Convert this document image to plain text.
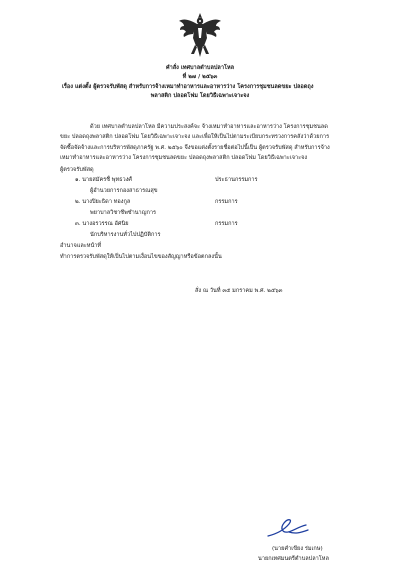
คำสั่ง เทศบาลตำบลปลาโหล
ที่ ๒๗ / ๒๕๖๓
เรื่อง แต่งตั้ง ผู้ตรวจรับพัสดุ สำหรับการจ้างเหมาทำอาหารและอาหารว่าง โครงการชุมชนลดขยะ ปลอดถุง
พลาสติก ปลอดโฟม โดยวิธีเฉพาะเจาะจง
ด้วย เทศบาลตำบลปลาโหล มีความประสงค์จะ จ้างเหมาทำอาหารและอาหารว่าง โครงการชุมชนลด
ขยะ ปลอดถุงพลาสติก ปลอดโฟม โดยวิธีเฉพาะเจาะจง และเพื่อให้เป็นไปตามระเบียบกระทรวงการคลังว่าด้วยการ
จัดซื้อจัดจ้างและการบริหารพัสดุภาครัฐ พ.ศ. ๒๕๖๐ จึงขอแต่งตั้งรายชื่อต่อไปนี้เป็น ผู้ตรวจรับพัสดุ สำหรับการจ้าง
เหมาทำอาหารและอาหารว่าง โครงการชุมชนลดขยะ ปลอดถุงพลาสติก ปลอดโฟม โดยวิธีเฉพาะเจาะจง
ผู้ตรวจรับพัสดุ
๑. นายสมัครชื่ พุทธวงศ์	ประธานกรรมการ
ผู้อำนวยการกองสาธารณสุข
๒. นางปิยะธิดา ทองกูล	กรรมการ
พยาบาลวิชาชีพชำนาญการ
๓. นางอรวรรณ อัศนิย	กรรมการ
นักบริหารงานทั่วไปปฏิบัติการ
อำนาจและหน้าที่
ทำการตรวจรับพัสดุให้เป็นไปตามเงื่อนไขของสัญญาหรือข้อตกลงนั้น
สั่ง ณ วันที่ ๓๕ มกราคม พ.ศ. ๒๕๖๓
(นายคำเขียง ร่มเกษ)
นายกเทศมนตรีตำบลปลาโหล
